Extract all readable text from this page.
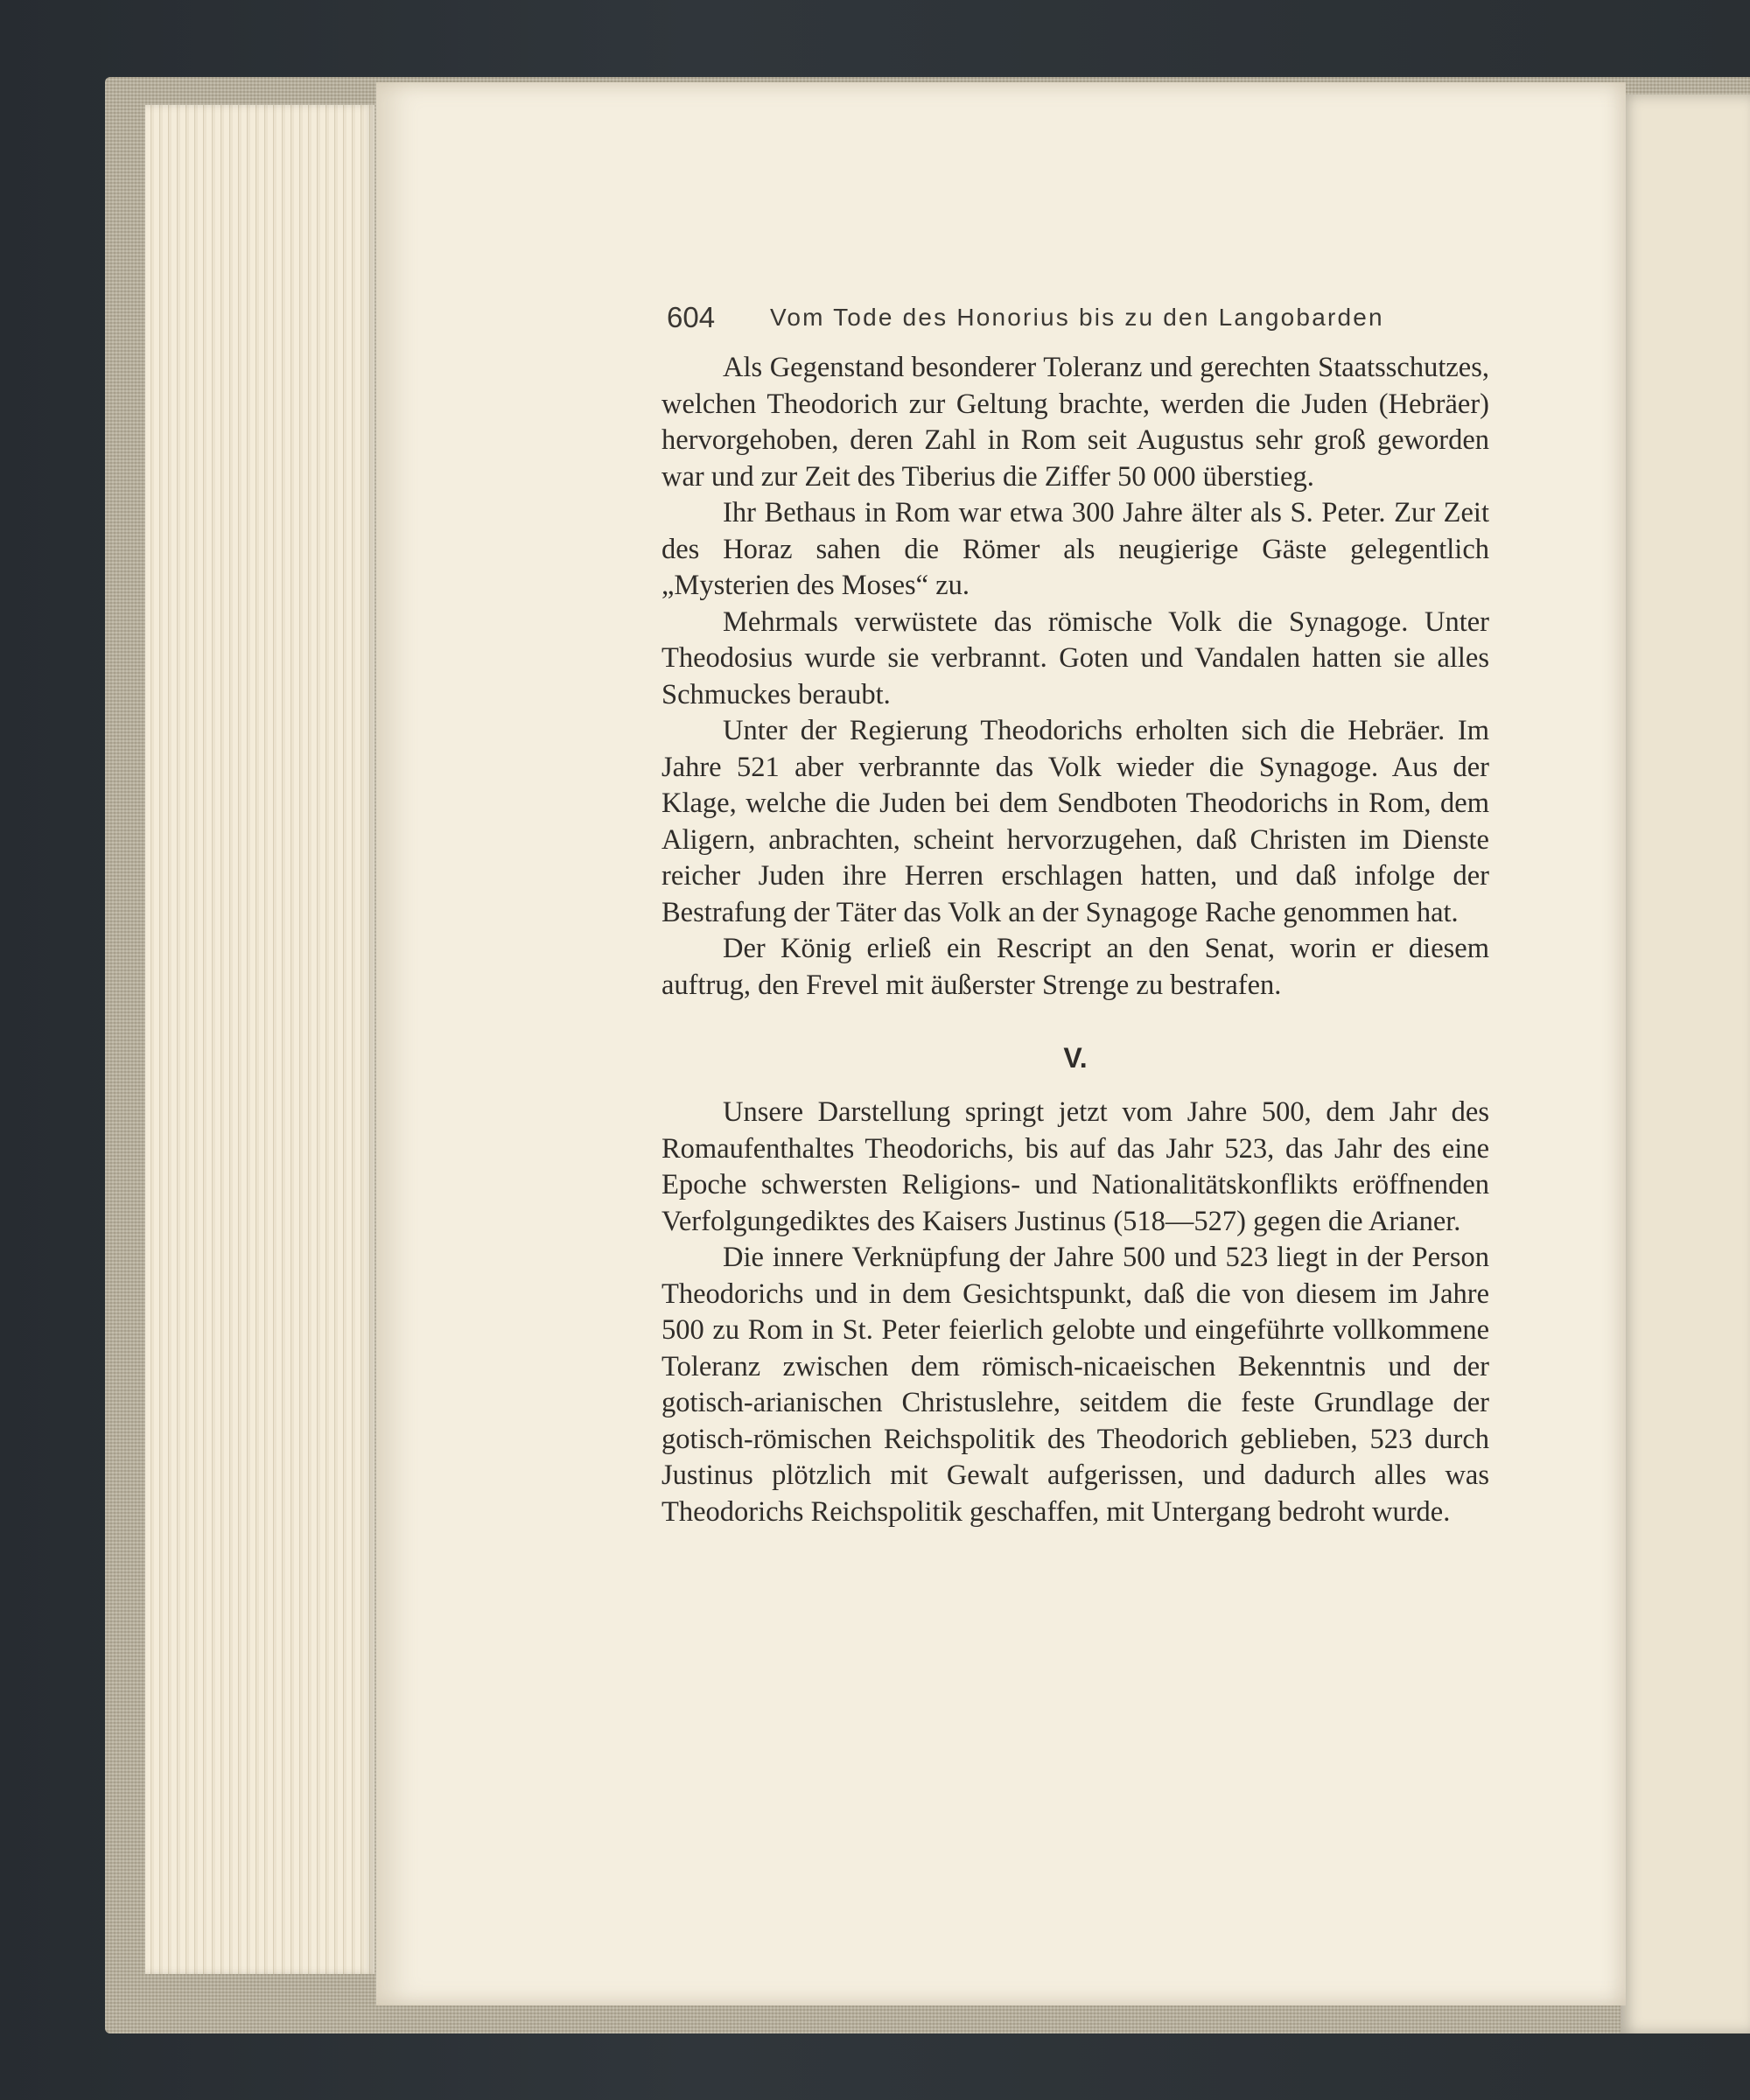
604 Vom Tode des Honorius bis zu den Langobarden

Als Gegenstand besonderer Toleranz und gerechten Staatsschutzes, welchen Theodorich zur Geltung brachte, werden die Juden (Hebräer) hervorgehoben, deren Zahl in Rom seit Augustus sehr groß geworden war und zur Zeit des Tiberius die Ziffer 50 000 überstieg.

Ihr Bethaus in Rom war etwa 300 Jahre älter als S. Peter. Zur Zeit des Horaz sahen die Römer als neugierige Gäste gelegentlich „Mysterien des Moses“ zu.

Mehrmals verwüstete das römische Volk die Synagoge. Unter Theodosius wurde sie verbrannt. Goten und Vandalen hatten sie alles Schmuckes beraubt.

Unter der Regierung Theodorichs erholten sich die Hebräer. Im Jahre 521 aber verbrannte das Volk wieder die Synagoge. Aus der Klage, welche die Juden bei dem Sendboten Theodorichs in Rom, dem Aligern, anbrachten, scheint hervorzugehen, daß Christen im Dienste reicher Juden ihre Herren erschlagen hatten, und daß infolge der Bestrafung der Täter das Volk an der Synagoge Rache genommen hat.

Der König erließ ein Rescript an den Senat, worin er diesem auftrug, den Frevel mit äußerster Strenge zu bestrafen.

V.

Unsere Darstellung springt jetzt vom Jahre 500, dem Jahr des Romaufenthaltes Theodorichs, bis auf das Jahr 523, das Jahr des eine Epoche schwersten Religions- und Nationalitätskonflikts eröffnenden Verfolgungediktes des Kaisers Justinus (518—527) gegen die Arianer.

Die innere Verknüpfung der Jahre 500 und 523 liegt in der Person Theodorichs und in dem Gesichtspunkt, daß die von diesem im Jahre 500 zu Rom in St. Peter feierlich gelobte und eingeführte vollkommene Toleranz zwischen dem römisch-nicaeischen Bekenntnis und der gotisch-arianischen Christuslehre, seitdem die feste Grundlage der gotisch-römischen Reichspolitik des Theodorich geblieben, 523 durch Justinus plötzlich mit Gewalt aufgerissen, und dadurch alles was Theodorichs Reichspolitik geschaffen, mit Untergang bedroht wurde.
